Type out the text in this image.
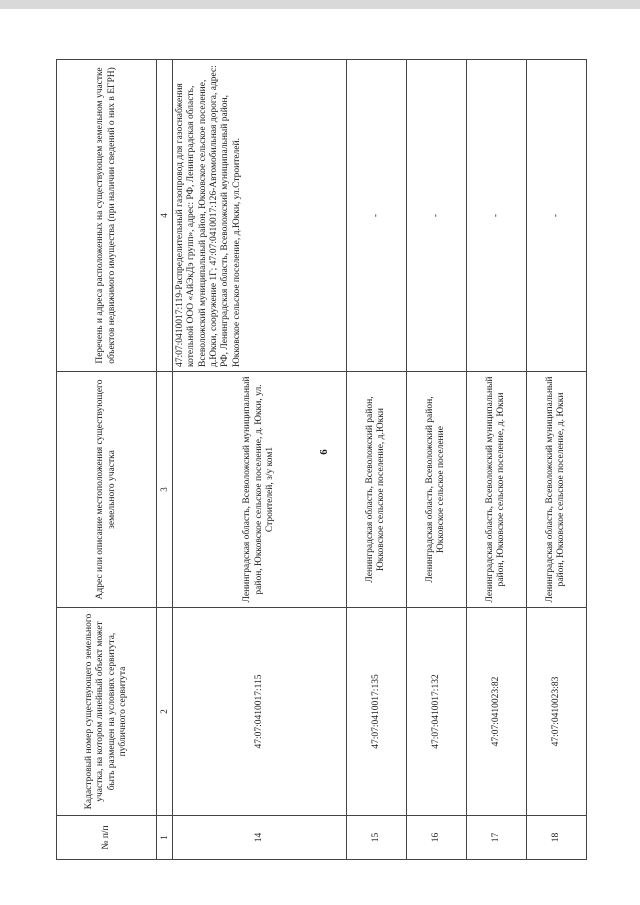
6
№ п/п	Кадастровый номер существующего земельного участка, на котором линейный объект может быть размещен на условиях сервитута, публичного сервитута	Адрес или описание местоположения существующего земельного участка	Перечень и адреса расположенных на существующем земельном участке объектов недвижимого имущества (при наличии сведений о них в ЕГРН)
1	2	3	4
14	47:07:0410017:115	Ленинградская область, Всеволожский муниципальный район, Юкковское сельское поселение, д. Юкки, ул. Строителей, з/у ком1	47:07:0410017:119-Распределительный газопровод для газоснабжения котельной ООО «АйЭкДэ групп», адрес: РФ, Ленинградская область, Всеволожский муниципальный район, Юкковское сельское поселение, д.Юкки, сооружение 1Г; 47:07:0410017:126-Автомобильная дорога, адрес: РФ, Ленинградская область, Всеволожский муниципальный район, Юкковское сельское поселение, д.Юкки, ул.Строителей.
15	47:07:0410017:135	Ленинградская область, Всеволожский район, Юкковское сельское поселение, д.Юкки	-
16	47:07:0410017:132	Ленинградская область, Всеволожский район, Юкковское сельское поселение	-
17	47:07:0410023:82	Ленинградская область, Всеволожский муниципальный район, Юкковское сельское поселение, д. Юкки	-
18	47:07:0410023:83	Ленинградская область, Всеволожский муниципальный район, Юкковское сельское поселение, д. Юкки	-
